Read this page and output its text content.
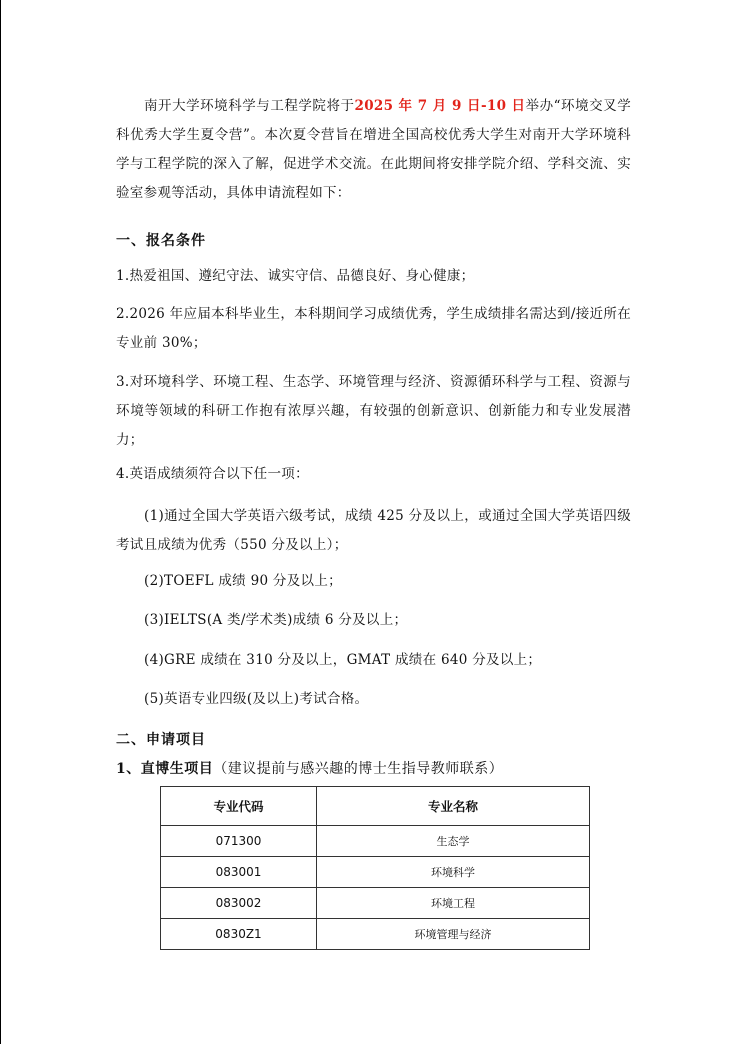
南开大学环境科学与工程学院将于2025 年 7 月 9 日-10 日举办“环境交叉学科优秀大学生夏令营”。本次夏令营旨在增进全国高校优秀大学生对南开大学环境科学与工程学院的深入了解，促进学术交流。在此期间将安排学院介绍、学科交流、实验室参观等活动，具体申请流程如下：
一、报名条件
1.热爱祖国、遵纪守法、诚实守信、品德良好、身心健康；
2.2026 年应届本科毕业生，本科期间学习成绩优秀，学生成绩排名需达到/接近所在专业前 30%；
3.对环境科学、环境工程、生态学、环境管理与经济、资源循环科学与工程、资源与环境等领域的科研工作抱有浓厚兴趣，有较强的创新意识、创新能力和专业发展潜力；
4.英语成绩须符合以下任一项：
(1)通过全国大学英语六级考试，成绩 425 分及以上，或通过全国大学英语四级考试且成绩为优秀（550 分及以上）；
(2)TOEFL 成绩 90 分及以上；
(3)IELTS(A 类/学术类)成绩 6 分及以上；
(4)GRE 成绩在 310 分及以上，GMAT 成绩在 640 分及以上；
(5)英语专业四级(及以上)考试合格。
二、申请项目
1、直博生项目（建议提前与感兴趣的博士生指导教师联系）
专业代码	专业名称
071300	生态学
083001	环境科学
083002	环境工程
0830Z1	环境管理与经济
